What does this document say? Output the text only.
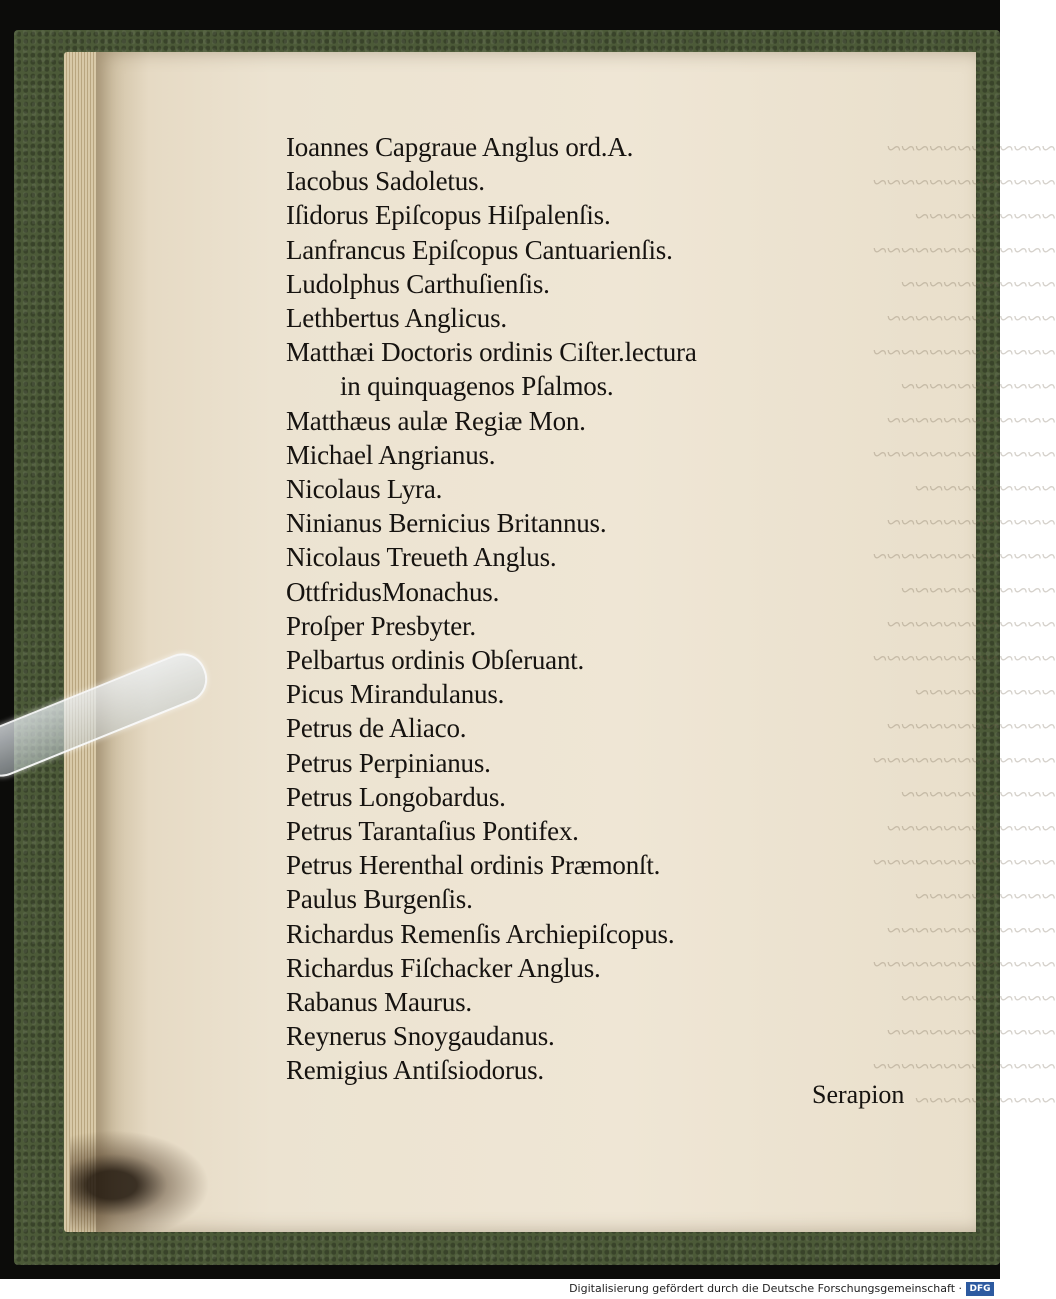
~~~~~~~~~~~~
~~~~~~~~~~~~~
~~~~~~~~~~
~~~~~~~~~~~~~
~~~~~~~~~~~
~~~~~~~~~~~~
~~~~~~~~~~~~~
~~~~~~~~~~~
~~~~~~~~~~~~
~~~~~~~~~~~~~
~~~~~~~~~~
~~~~~~~~~~~~
~~~~~~~~~~~~~
~~~~~~~~~~~
~~~~~~~~~~~~
~~~~~~~~~~~~~
~~~~~~~~~~
~~~~~~~~~~~~
~~~~~~~~~~~~~
~~~~~~~~~~~
~~~~~~~~~~~~
~~~~~~~~~~~~~
~~~~~~~~~~
~~~~~~~~~~~~
~~~~~~~~~~~~~
~~~~~~~~~~~
~~~~~~~~~~~~
~~~~~~~~~~~~~
~~~~~~~~~~
Ioannes Capgraue Anglus ord.A.
Iacobus Sadoletus.
Iſidorus Epiſcopus Hiſpalenſis.
Lanfrancus Epiſcopus Cantuarienſis.
Ludolphus Carthuſienſis.
Lethbertus Anglicus.
Matthæi Doctoris ordinis Ciſter.lectura
in quinquagenos Pſalmos.
Matthæus aulæ Regiæ Mon.
Michael Angrianus.
Nicolaus Lyra.
Ninianus Bernicius Britannus.
Nicolaus Treueth Anglus.
OttfridusMonachus.
Proſper Presbyter.
Pelbartus ordinis Obſeruant.
Picus Mirandulanus.
Petrus de Aliaco.
Petrus Perpinianus.
Petrus Longobardus.
Petrus Tarantaſius Pontifex.
Petrus Herenthal ordinis Præmonſt.
Paulus Burgenſis.
Richardus Remenſis Archiepiſcopus.
Richardus Fiſchacker Anglus.
Rabanus Maurus.
Reynerus Snoygaudanus.
Remigius Antiſsiodorus.
Serapion
Digitalisierung gefördert durch die Deutsche Forschungsgemeinschaft · DFG
